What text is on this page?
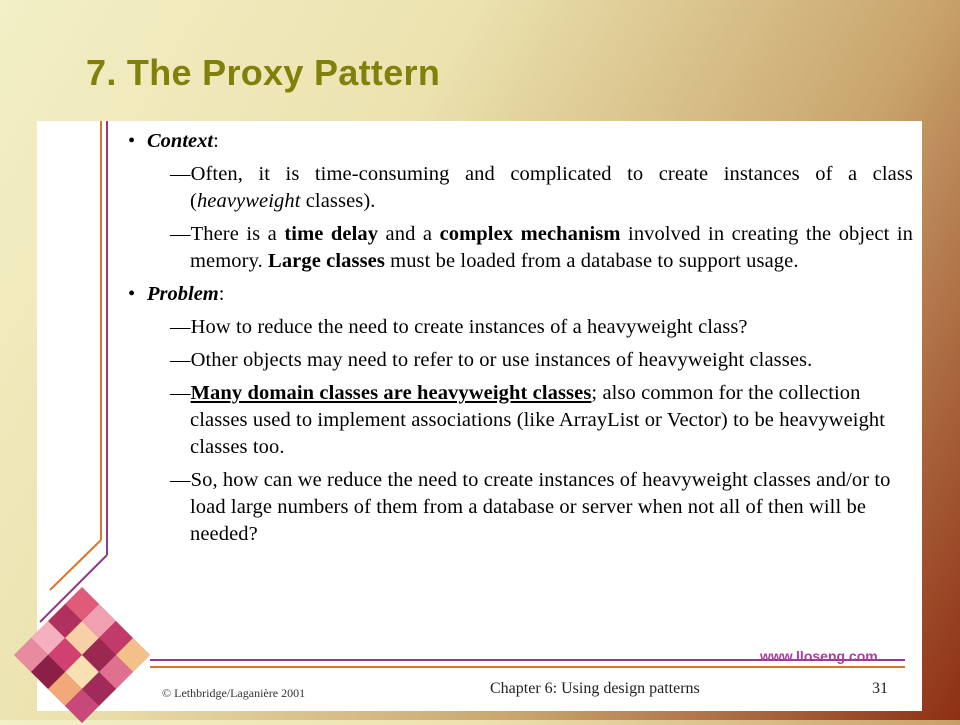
7. The Proxy Pattern
• Context:
—Often, it is time-consuming and complicated to create instances of a class (heavyweight classes).
—There is a time delay and a complex mechanism involved in creating the object in memory. Large classes must be loaded from a database to support usage.
• Problem:
—How to reduce the need to create instances of a heavyweight class?
—Other objects may need to refer to or use instances of heavyweight classes.
—Many domain classes are heavyweight classes; also common for the collection classes used to implement associations (like ArrayList or Vector) to be heavyweight classes too.
—So, how can we reduce the need to create instances of heavyweight classes and/or to load large numbers of them from a database or server when not all of then will be needed?
www.lloseng.com
© Lethbridge/Laganière 2001	Chapter 6: Using design patterns	31
